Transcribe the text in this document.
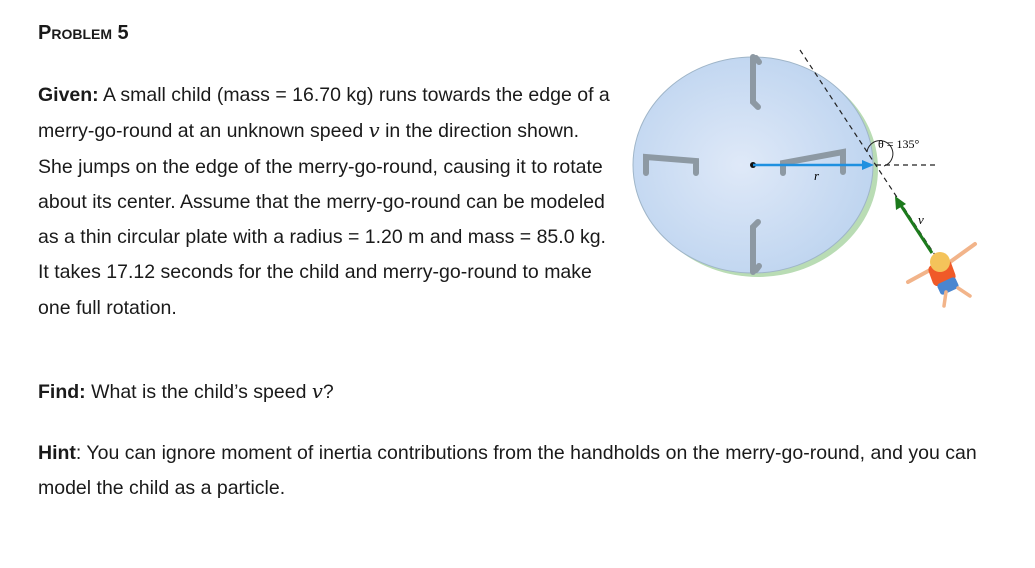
Problem 5
Given: A small child (mass = 16.70 kg) runs towards the edge of a merry-go-round at an unknown speed v in the direction shown. She jumps on the edge of the merry-go-round, causing it to rotate about its center. Assume that the merry-go-round can be modeled as a thin circular plate with a radius = 1.20 m and mass = 85.0 kg. It takes 17.12 seconds for the child and merry-go-round to make one full rotation.
Find: What is the child’s speed v?
Hint: You can ignore moment of inertia contributions from the handholds on the merry-go-round, and you can model the child as a particle.
r
θ = 135°
v
